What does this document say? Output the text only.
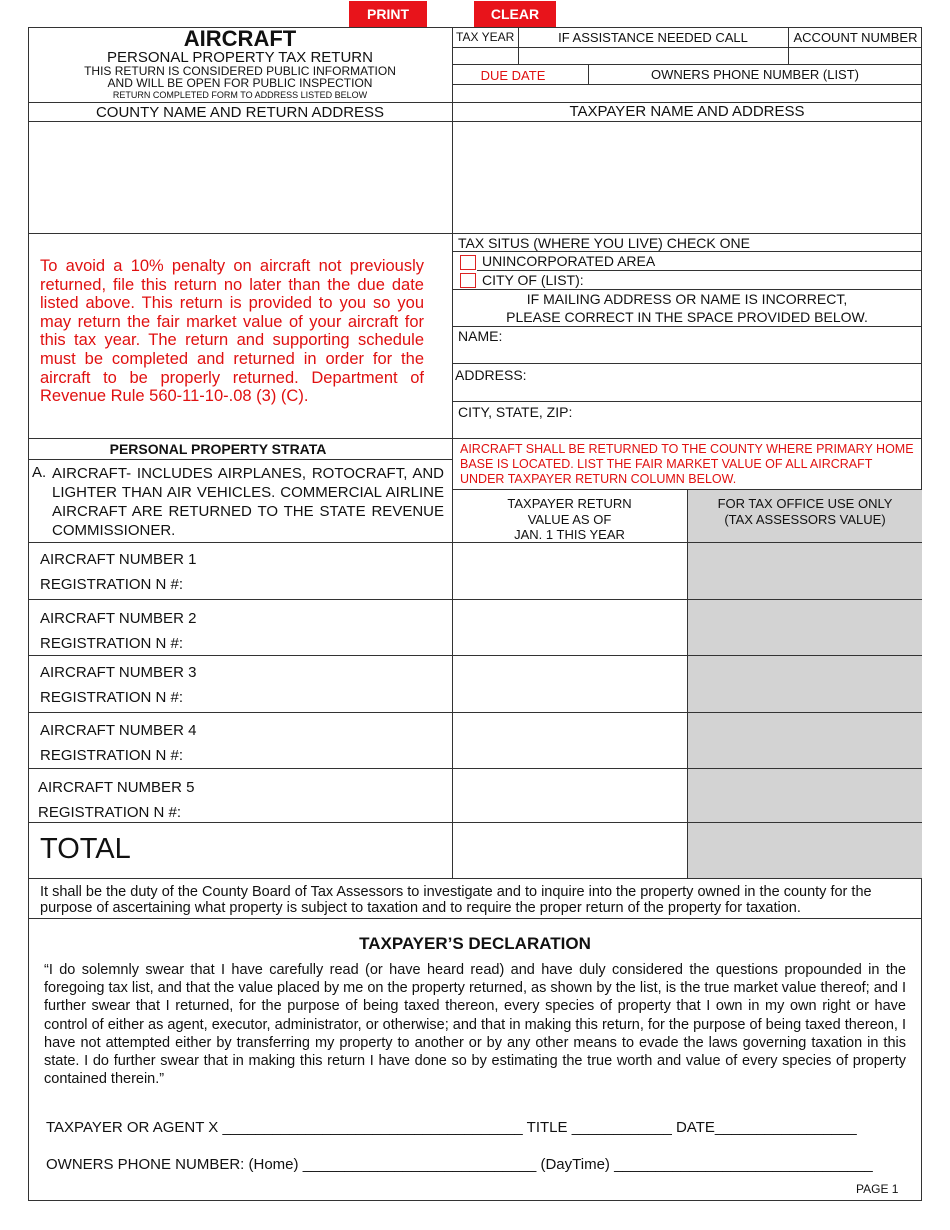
PRINT	CLEAR
AIRCRAFT
PERSONAL PROPERTY TAX RETURN
THIS RETURN IS CONSIDERED PUBLIC INFORMATION
AND WILL BE OPEN FOR PUBLIC INSPECTION
RETURN COMPLETED FORM TO ADDRESS LISTED BELOW
TAX YEAR	IF ASSISTANCE NEEDED CALL	ACCOUNT NUMBER
DUE DATE	OWNERS PHONE NUMBER (LIST)
COUNTY NAME AND RETURN ADDRESS	TAXPAYER NAME AND ADDRESS
To avoid a 10% penalty on aircraft not previously returned, file this return no later than the due date listed above. This return is provided to you so you may return the fair market value of your aircraft for this tax year. The return and supporting schedule must be completed and returned in order for the aircraft to be properly returned. Department of Revenue Rule 560-11-10-.08 (3) (C).
TAX SITUS (WHERE YOU LIVE) CHECK ONE
UNINCORPORATED AREA
CITY OF (LIST):
IF MAILING ADDRESS OR NAME IS INCORRECT,
PLEASE CORRECT IN THE SPACE PROVIDED BELOW.
NAME:
ADDRESS:
CITY, STATE, ZIP:
PERSONAL PROPERTY STRATA
A. AIRCRAFT- INCLUDES AIRPLANES, ROTOCRAFT, AND LIGHTER THAN AIR VEHICLES. COMMERCIAL AIRLINE AIRCRAFT ARE RETURNED TO THE STATE REVENUE COMMISSIONER.
AIRCRAFT SHALL BE RETURNED TO THE COUNTY WHERE PRIMARY HOME BASE IS LOCATED. LIST THE FAIR MARKET VALUE OF ALL AIRCRAFT UNDER TAXPAYER RETURN COLUMN BELOW.
TAXPAYER RETURN
VALUE AS OF
JAN. 1 THIS YEAR
FOR TAX OFFICE USE ONLY
(TAX ASSESSORS VALUE)
AIRCRAFT NUMBER 1
REGISTRATION N #:
AIRCRAFT NUMBER 2
REGISTRATION N #:
AIRCRAFT NUMBER 3
REGISTRATION N #:
AIRCRAFT NUMBER 4
REGISTRATION N #:
AIRCRAFT NUMBER 5
REGISTRATION N #:
TOTAL
It shall be the duty of the County Board of Tax Assessors to investigate and to inquire into the property owned in the county for the purpose of ascertaining what property is subject to taxation and to require the proper return of the property for taxation.
TAXPAYER’S DECLARATION
“I do solemnly swear that I have carefully read (or have heard read) and have duly considered the questions propounded in the foregoing tax list, and that the value placed by me on the property returned, as shown by the list, is the true market value thereof; and I further swear that I returned, for the purpose of being taxed thereon, every species of property that I own in my own right or have control of either as agent, executor, administrator, or otherwise; and that in making this return, for the purpose of being taxed thereon, I have not attempted either by transferring my property to another or by any other means to evade the laws governing taxation in this state. I do further swear that in making this return I have done so by estimating the true worth and value of every species of property contained therein.”
TAXPAYER OR AGENT X ____________________________________ TITLE ____________ DATE_________________
OWNERS PHONE NUMBER: (Home) ____________________________ (DayTime) _______________________________
PAGE 1
